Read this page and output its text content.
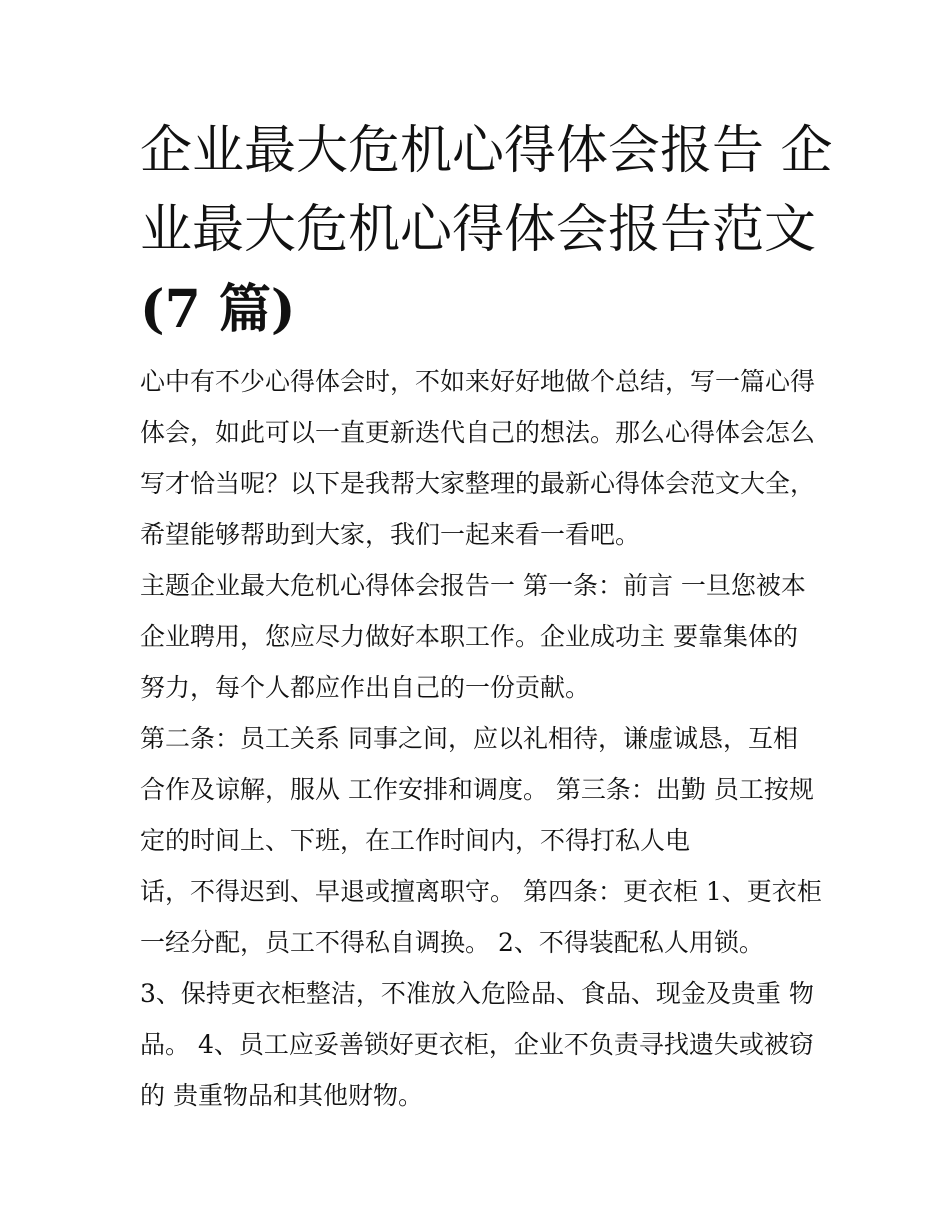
企业最大危机心得体会报告 企
业最大危机心得体会报告范文
(7 篇)

心中有不少心得体会时，不如来好好地做个总结，写一篇心得
体会，如此可以一直更新迭代自己的想法。那么心得体会怎么
写才恰当呢？以下是我帮大家整理的最新心得体会范文大全，
希望能够帮助到大家，我们一起来看一看吧。

主题企业最大危机心得体会报告一 第一条：前言 一旦您被本
企业聘用，您应尽力做好本职工作。企业成功主 要靠集体的
努力，每个人都应作出自己的一份贡献。

第二条：员工关系 同事之间，应以礼相待，谦虚诚恳，互相
合作及谅解，服从 工作安排和调度。 第三条：出勤 员工按规
定的时间上、下班，在工作时间内，不得打私人电
话，不得迟到、早退或擅离职守。 第四条：更衣柜 1、更衣柜
一经分配，员工不得私自调换。 2、不得装配私人用锁。

3、保持更衣柜整洁，不准放入危险品、食品、现金及贵重 物
品。 4、员工应妥善锁好更衣柜，企业不负责寻找遗失或被窃
的 贵重物品和其他财物。
